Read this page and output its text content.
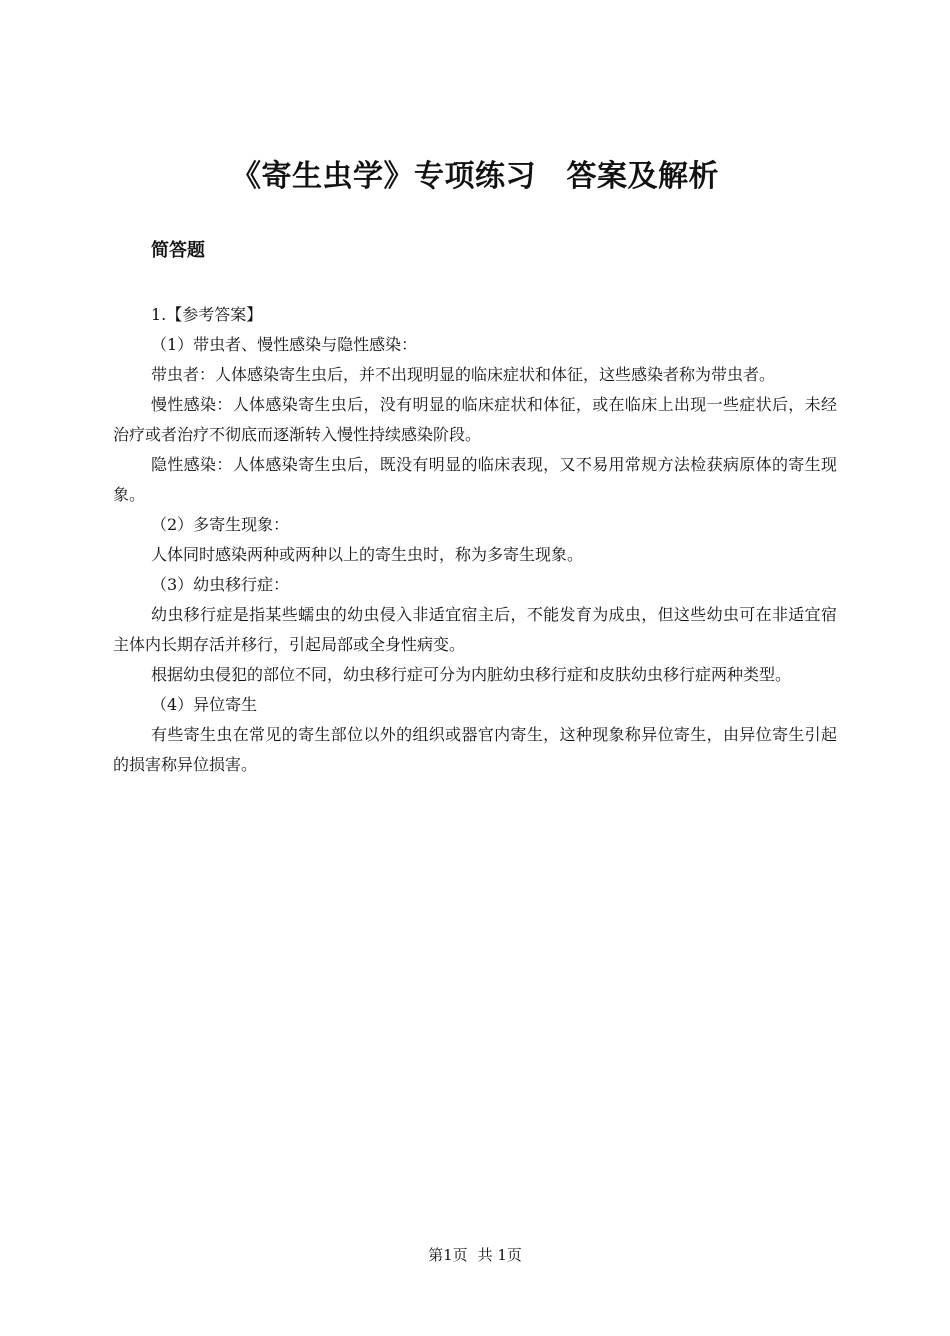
《寄生虫学》专项练习　答案及解析
简答题

1.【参考答案】

（1）带虫者、慢性感染与隐性感染：

带虫者：人体感染寄生虫后，并不出现明显的临床症状和体征，这些感染者称为带虫者。

慢性感染：人体感染寄生虫后，没有明显的临床症状和体征，或在临床上出现一些症状后，未经治疗或者治疗不彻底而逐渐转入慢性持续感染阶段。

隐性感染：人体感染寄生虫后，既没有明显的临床表现，又不易用常规方法检获病原体的寄生现象。

（2）多寄生现象：

人体同时感染两种或两种以上的寄生虫时，称为多寄生现象。

（3）幼虫移行症：

幼虫移行症是指某些蠕虫的幼虫侵入非适宜宿主后，不能发育为成虫，但这些幼虫可在非适宜宿主体内长期存活并移行，引起局部或全身性病变。

根据幼虫侵犯的部位不同，幼虫移行症可分为内脏幼虫移行症和皮肤幼虫移行症两种类型。

（4）异位寄生

有些寄生虫在常见的寄生部位以外的组织或器官内寄生，这种现象称异位寄生，由异位寄生引起的损害称异位损害。

第1页 共 1页
